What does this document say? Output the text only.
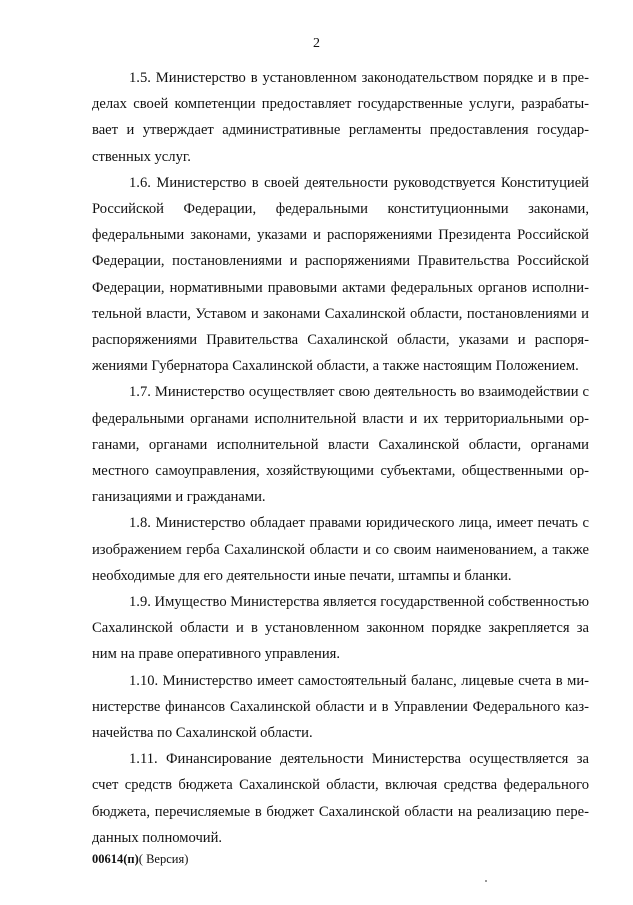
2

1.5. Министерство в установленном законодательством порядке и в пределах своей компетенции предоставляет государственные услуги, разрабатывает и утверждает административные регламенты предоставления государственных услуг.

1.6. Министерство в своей деятельности руководствуется Конституцией Российской Федерации, федеральными конституционными законами, федеральными законами, указами и распоряжениями Президента Российской Федерации, постановлениями и распоряжениями Правительства Российской Федерации, нормативными правовыми актами федеральных органов исполнительной власти, Уставом и законами Сахалинской области, постановлениями и распоряжениями Правительства Сахалинской области, указами и распоряжениями Губернатора Сахалинской области, а также настоящим Положением.

1.7. Министерство осуществляет свою деятельность во взаимодействии с федеральными органами исполнительной власти и их территориальными органами, органами исполнительной власти Сахалинской области, органами местного самоуправления, хозяйствующими субъектами, общественными организациями и гражданами.

1.8. Министерство обладает правами юридического лица, имеет печать с изображением герба Сахалинской области и со своим наименованием, а также необходимые для его деятельности иные печати, штампы и бланки.

1.9. Имущество Министерства является государственной собственностью Сахалинской области и в установленном законном порядке закрепляется за ним на праве оперативного управления.

1.10. Министерство имеет самостоятельный баланс, лицевые счета в министерстве финансов Сахалинской области и в Управлении Федерального казначейства по Сахалинской области.

1.11. Финансирование деятельности Министерства осуществляется за счет средств бюджета Сахалинской области, включая средства федерального бюджета, перечисляемые в бюджет Сахалинской области на реализацию переданных полномочий.

00614(п)( Версия)
